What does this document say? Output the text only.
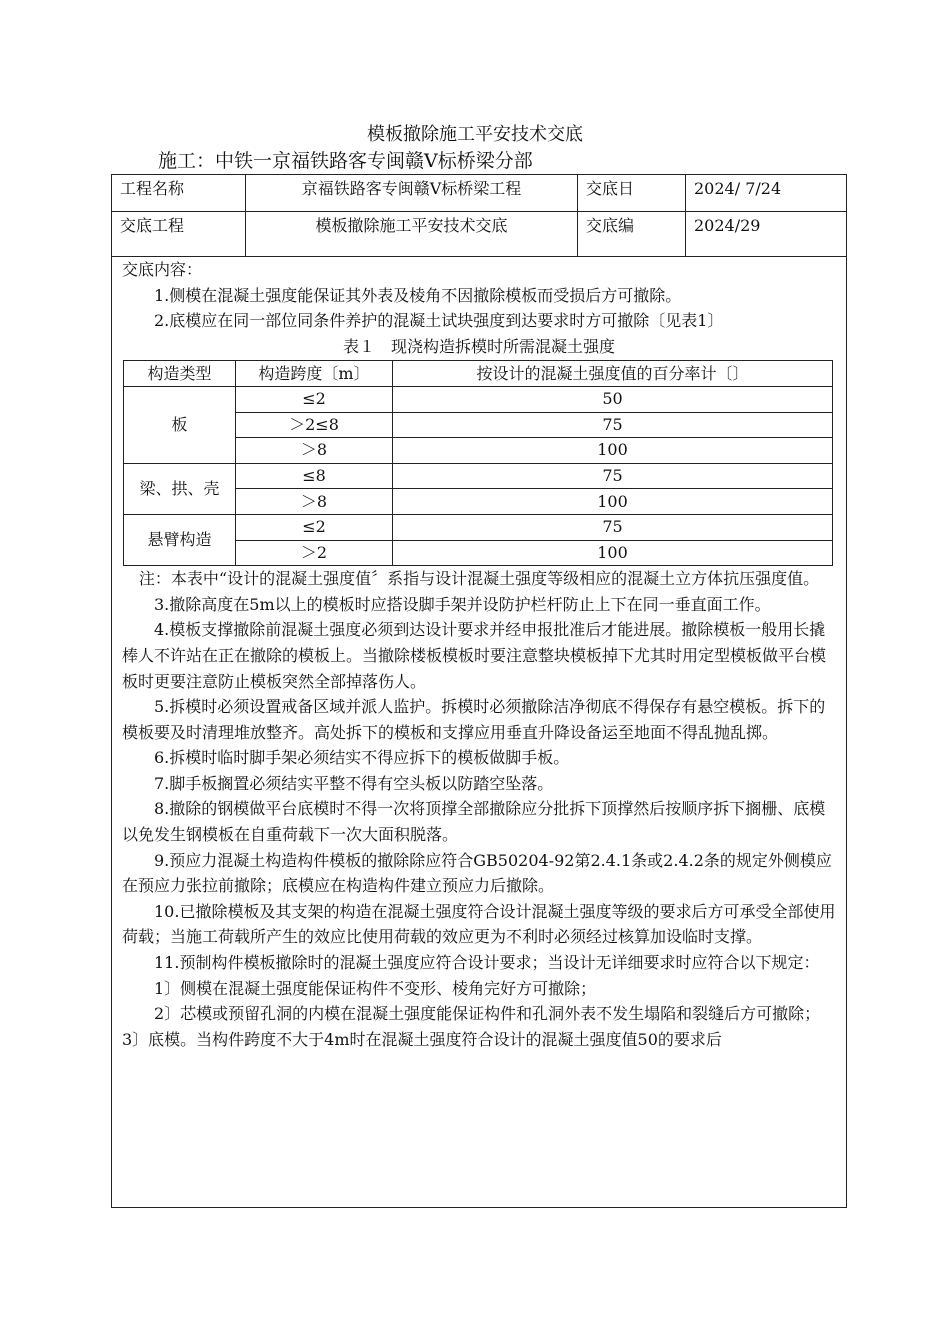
模板撤除施工平安技术交底
施工：中铁一京福铁路客专闽赣Ⅴ标桥梁分部
工程名称	京福铁路客专闽赣Ⅴ标桥梁工程	交底日	2024/ 7/24
交底工程	模板撤除施工平安技术交底	交底编	2024/29

交底内容：

1.侧模在混凝土强度能保证其外表及棱角不因撤除模板而受损后方可撤除。

2.底模应在同一部位同条件养护的混凝土试块强度到达要求时方可撤除〔见表1〕

表１　现浇构造拆模时所需混凝土强度

构造类型	构造跨度〔m〕	按设计的混凝土强度值的百分率计〔〕
板	≤2	50
	＞2≤8	75
	＞8	100
梁、拱、壳	≤8	75
	＞8	100
悬臂构造	≤2	75
	＞2	100

注：本表中“设计的混凝土强度值〞系指与设计混凝土强度等级相应的混凝土立方体抗压强度值。

3.撤除高度在5m以上的模板时应搭设脚手架并设防护栏杆防止上下在同一垂直面工作。

4.模板支撑撤除前混凝土强度必须到达设计要求并经申报批准后才能进展。撤除模板一般用长撬棒人不许站在正在撤除的模板上。当撤除楼板模板时要注意整块模板掉下尤其时用定型模板做平台模板时更要注意防止模板突然全部掉落伤人。

5.拆模时必须设置戒备区域并派人监护。拆模时必须撤除洁净彻底不得保存有悬空模板。拆下的模板要及时清理堆放整齐。高处拆下的模板和支撑应用垂直升降设备运至地面不得乱抛乱掷。

6.拆模时临时脚手架必须结实不得应拆下的模板做脚手板。

7.脚手板搁置必须结实平整不得有空头板以防踏空坠落。

8.撤除的钢模做平台底模时不得一次将顶撑全部撤除应分批拆下顶撑然后按顺序拆下搁栅、底模以免发生钢模板在自重荷载下一次大面积脱落。

9.预应力混凝土构造构件模板的撤除除应符合GB50204-92第2.4.1条或2.4.2条的规定外侧模应在预应力张拉前撤除；底模应在构造构件建立预应力后撤除。

10.已撤除模板及其支架的构造在混凝土强度符合设计混凝土强度等级的要求后方可承受全部使用荷载；当施工荷载所产生的效应比使用荷载的效应更为不利时必须经过核算加设临时支撑。

11.预制构件模板撤除时的混凝土强度应符合设计要求；当设计无详细要求时应符合以下规定：

1〕侧模在混凝土强度能保证构件不变形、棱角完好方可撤除；

2〕芯模或预留孔洞的内模在混凝土强度能保证构件和孔洞外表不发生塌陷和裂缝后方可撤除；

3〕底模。当构件跨度不大于4m时在混凝土强度符合设计的混凝土强度值50的要求后
